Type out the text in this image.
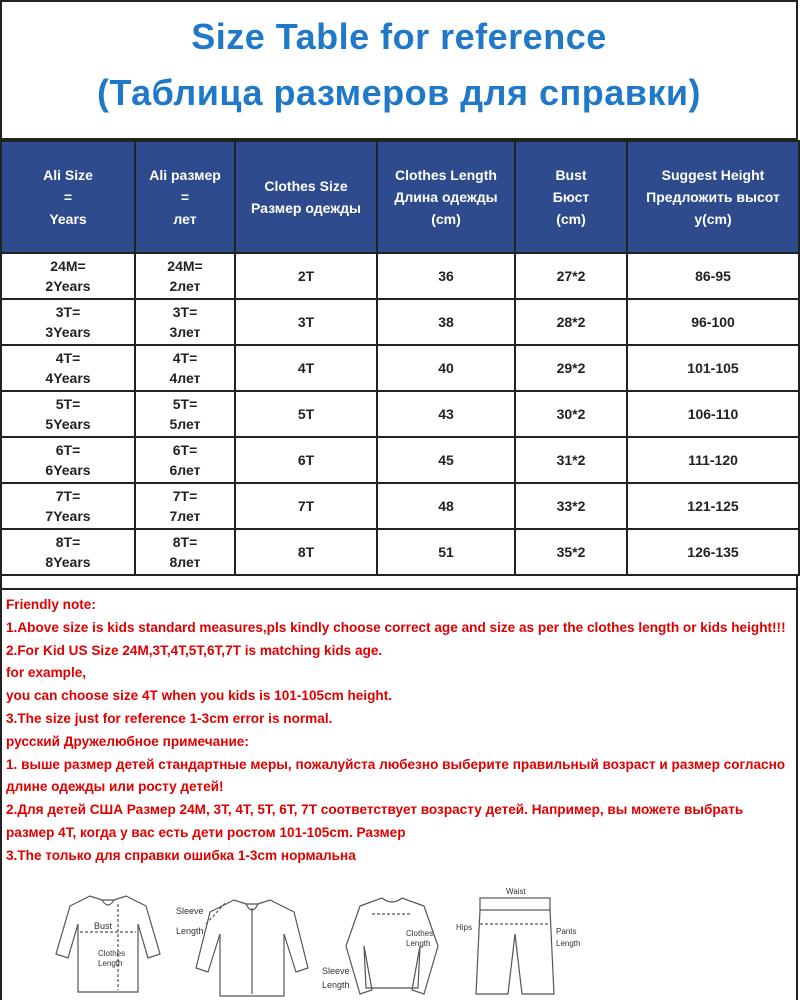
Size Table for reference
(Таблица размеров для справки)
Ali Size
=
Years	Ali размер
=
лет	Clothes Size
Размер одежды	Clothes Length
Длина одежды
(cm)	Bust
Бюст
(cm)	Suggest Height
Предложить высот
у(cm)

24M=
2Years	24M=
2лет	2T	36	27*2	86-95

3T=
3Years	3T=
3лет	3T	38	28*2	96-100

4T=
4Years	4T=
4лет	4T	40	29*2	101-105

5T=
5Years	5T=
5лет	5T	43	30*2	106-110

6T=
6Years	6T=
6лет	6T	45	31*2	111-120

7T=
7Years	7T=
7лет	7T	48	33*2	121-125

8T=
8Years	8T=
8лет	8T	51	35*2	126-135

Friendly note:

1.Above size is kids standard measures,pls kindly choose correct age and size as per the clothes length or kids height!!!

2.For Kid US Size 24M,3T,4T,5T,6T,7T is matching kids age.

for example,

you can choose size 4T when you kids is 101-105cm height.

3.The size just for reference 1-3cm error is normal.

русский Дружелюбное примечание:

1. выше размер детей стандартные меры, пожалуйста любезно выберите правильный возраст и размер согласно длине одежды или росту детей!

2.Для детей США Размер 24M, 3T, 4T, 5T, 6T, 7T соответствует возрасту детей. Например, вы можете выбрать размер 4T, когда у вас есть дети ростом 101-105cm. Размер

3.The только для справки ошибка 1-3cm нормальна

Bust
Clothes
Length
Sleeve
Length	Clothes
Length
Sleeve
Length
Waist
Hips	Pants
Length
